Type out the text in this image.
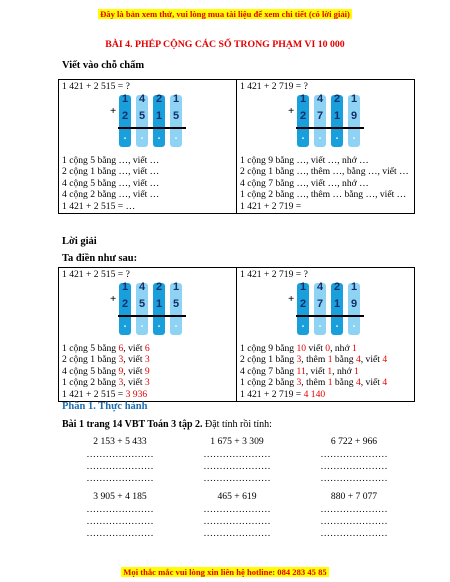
Đây là bản xem thử, vui lòng mua tài liệu để xem chi tiết (có lời giải)
BÀI 4. PHÉP CỘNG CÁC SỐ TRONG PHẠM VI 10 000
Viết vào chỗ chấm
1 421 + 2 515 = ?
+
1
2
.
4
5
.
2
1
.
1
5
.
1 cộng 5 bằng …, viết …
2 cộng 1 bằng …, viết …
4 cộng 5 bằng …, viết …
4 cộng 2 bằng …, viết …
1 421 + 2 515 = …

1 421 + 2 719 = ?
+
1
2
.
4
7
.
2
1
.
1
9
.
1 cộng 9 bằng …, viết …, nhớ …
2 cộng 1 bằng …, thêm …, bằng …, viết …
4 cộng 7 bằng …, viết …, nhớ …
1 cộng 2 bằng …, thêm … bằng …, viết …
1 421 + 2 719 =
Lời giải
Ta điền như sau:
1 421 + 2 515 = ?
+
1
2
.
4
5
.
2
1
.
1
5
.
1 cộng 5 bằng 6, viết 6
2 cộng 1 bằng 3, viết 3
4 cộng 5 bằng 9, viết 9
1 cộng 2 bằng 3, viết 3
1 421 + 2 515 = 3 936

1 421 + 2 719 = ?
+
1
2
.
4
7
.
2
1
.
1
9
.
1 cộng 9 bằng 10 viết 0, nhớ 1
2 cộng 1 bằng 3, thêm 1 bằng 4, viết 4
4 cộng 7 bằng 11, viết 1, nhớ 1
1 cộng 2 bằng 3, thêm 1 bằng 4, viết 4
1 421 + 2 719 = 4 140
Phần 1. Thực hành
Bài 1 trang 14 VBT Toán 3 tập 2. Đặt tính rồi tính:
2 153 + 5 433
…………………
…………………
…………………
1 675 + 3 309
…………………
…………………
…………………
6 722 + 966
…………………
…………………
…………………
3 905 + 4 185
…………………
…………………
…………………
465 + 619
…………………
…………………
…………………
880 + 7 077
…………………
…………………
…………………
Mọi thắc mắc vui lòng xin liên hệ hotline: 084 283 45 85
